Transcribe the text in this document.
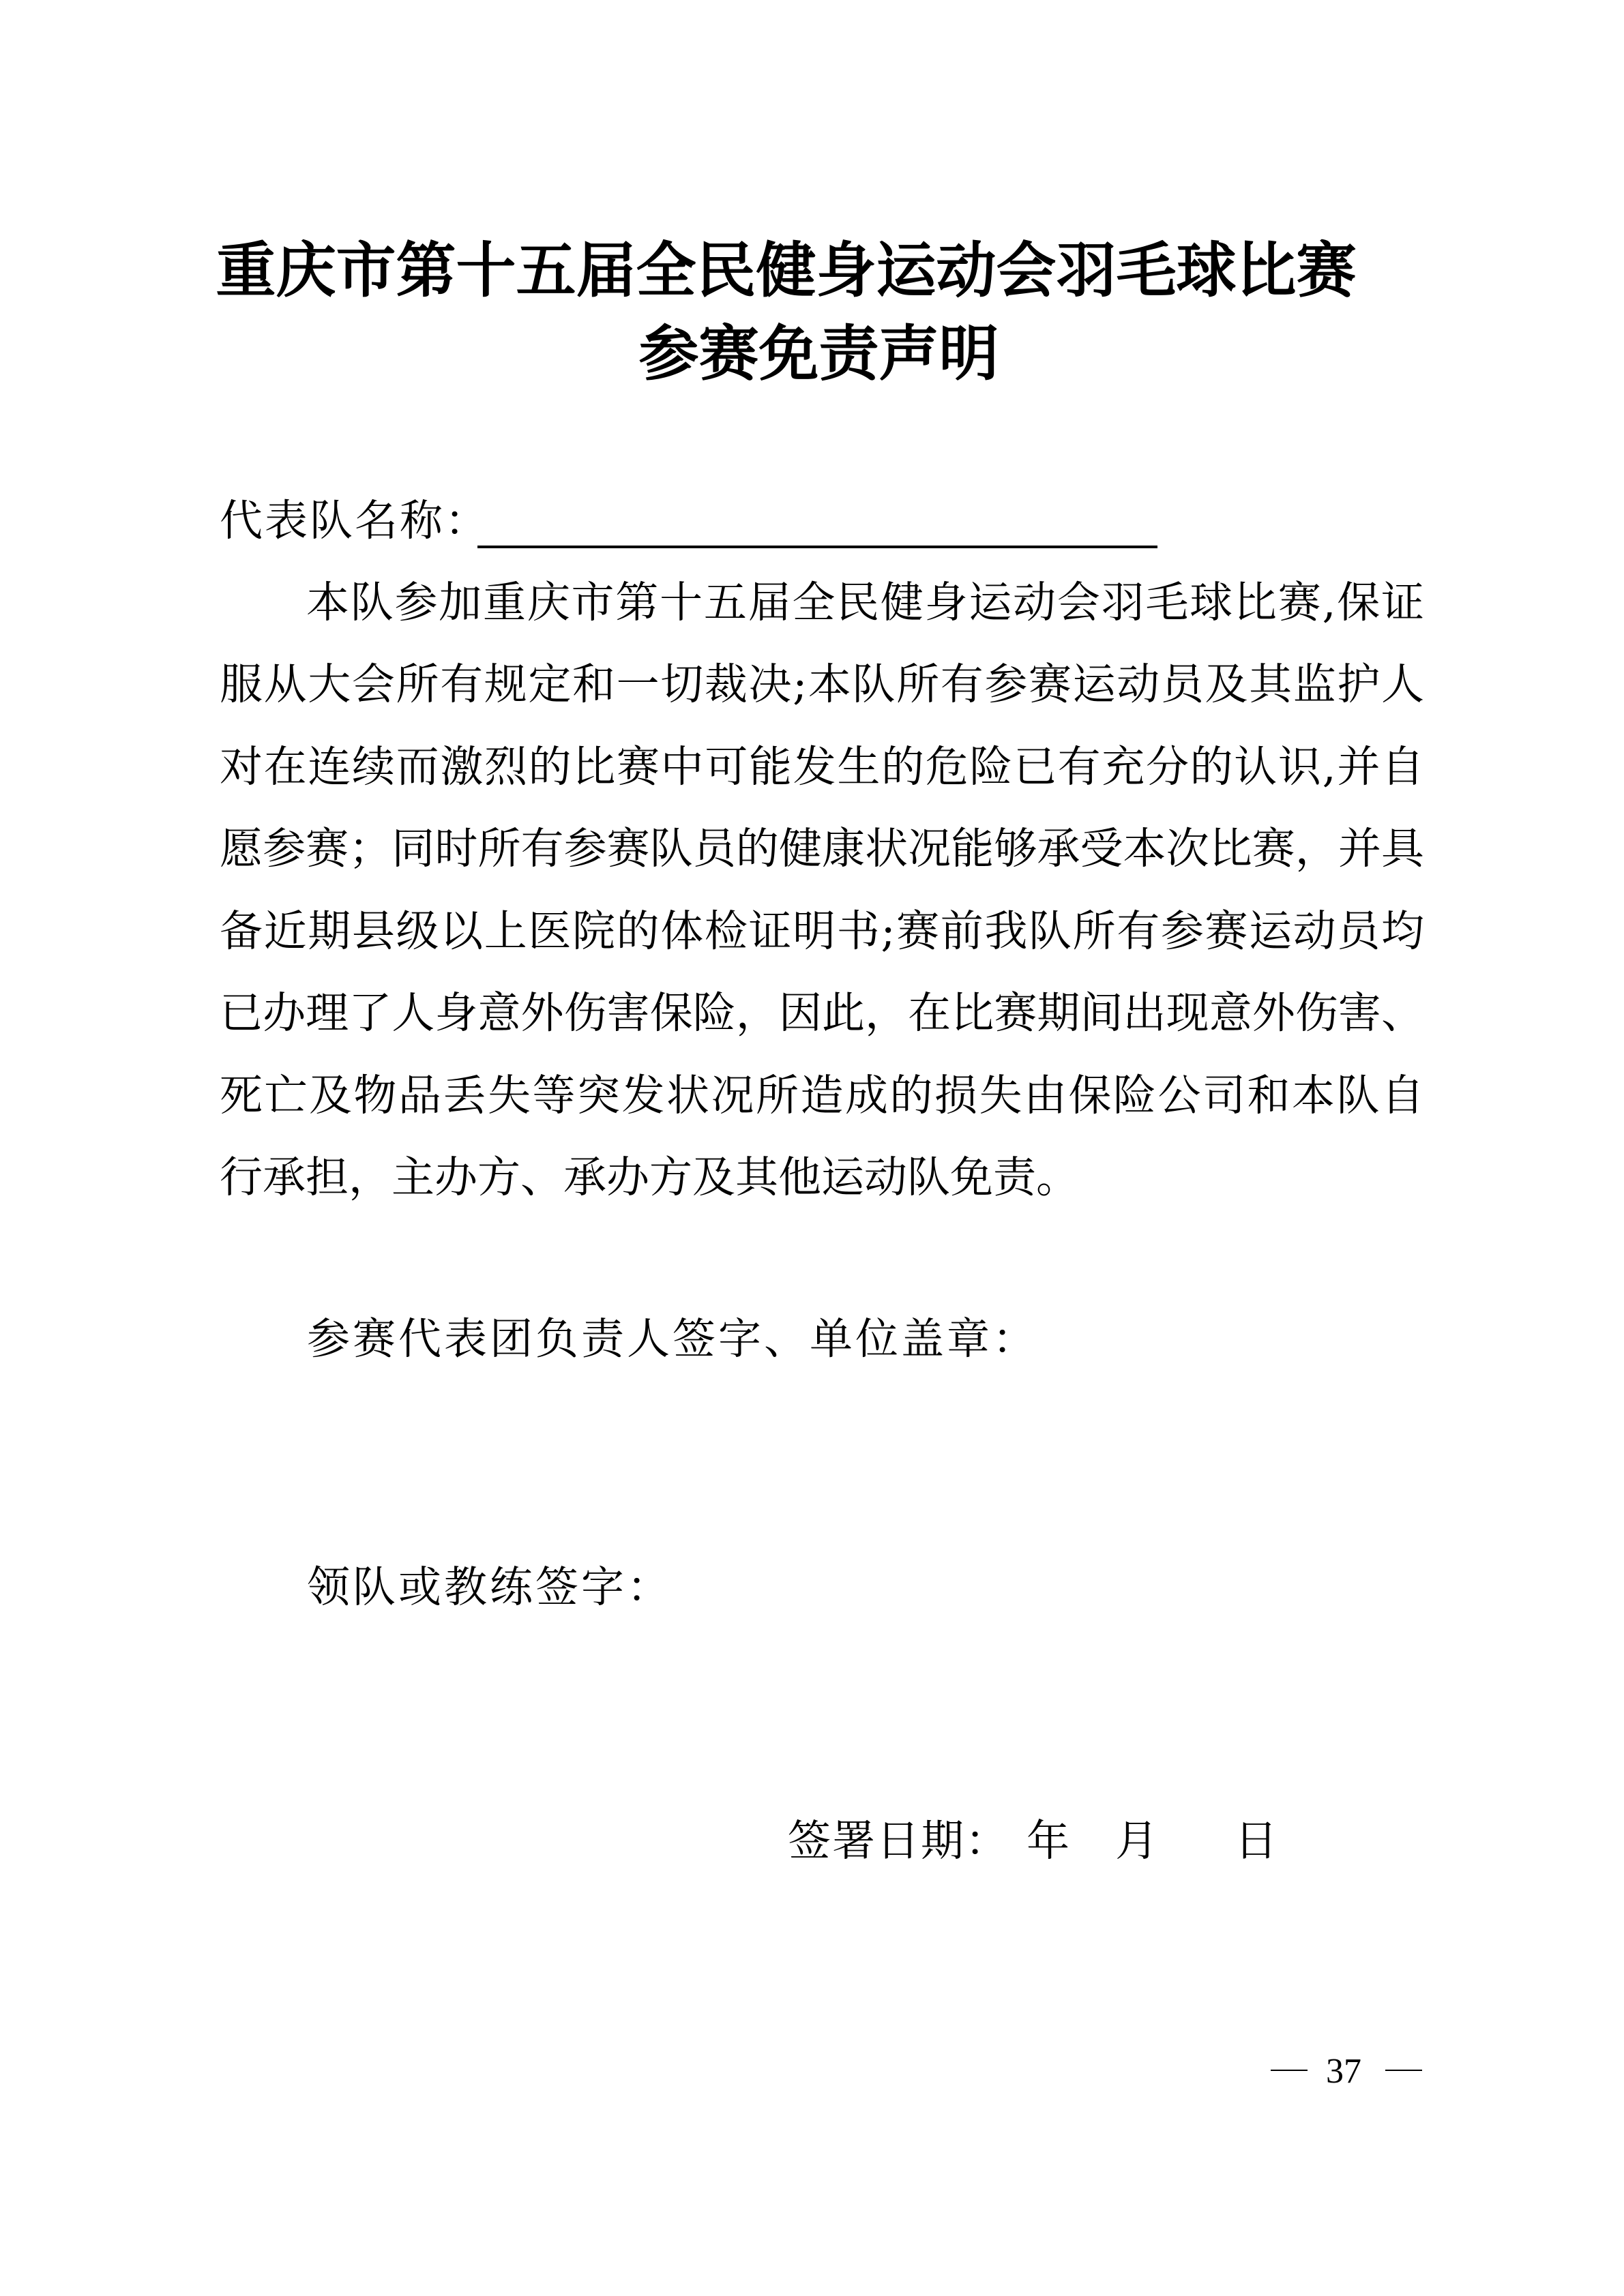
重庆市第十五届全民健身运动会羽毛球比赛
参赛免责声明
代表队名称：
本队参加重庆市第十五届全民健身运动会羽毛球比赛,保证
服从大会所有规定和一切裁决;本队所有参赛运动员及其监护人
对在连续而激烈的比赛中可能发生的危险已有充分的认识,并自
愿参赛；同时所有参赛队员的健康状况能够承受本次比赛，并具
备近期县级以上医院的体检证明书;赛前我队所有参赛运动员均
已办理了人身意外伤害保险，因此，在比赛期间出现意外伤害、
死亡及物品丢失等突发状况所造成的损失由保险公司和本队自
行承担，主办方、承办方及其他运动队免责。
参赛代表团负责人签字、单位盖章：
领队或教练签字：
签署日期： 年 月 日
37
